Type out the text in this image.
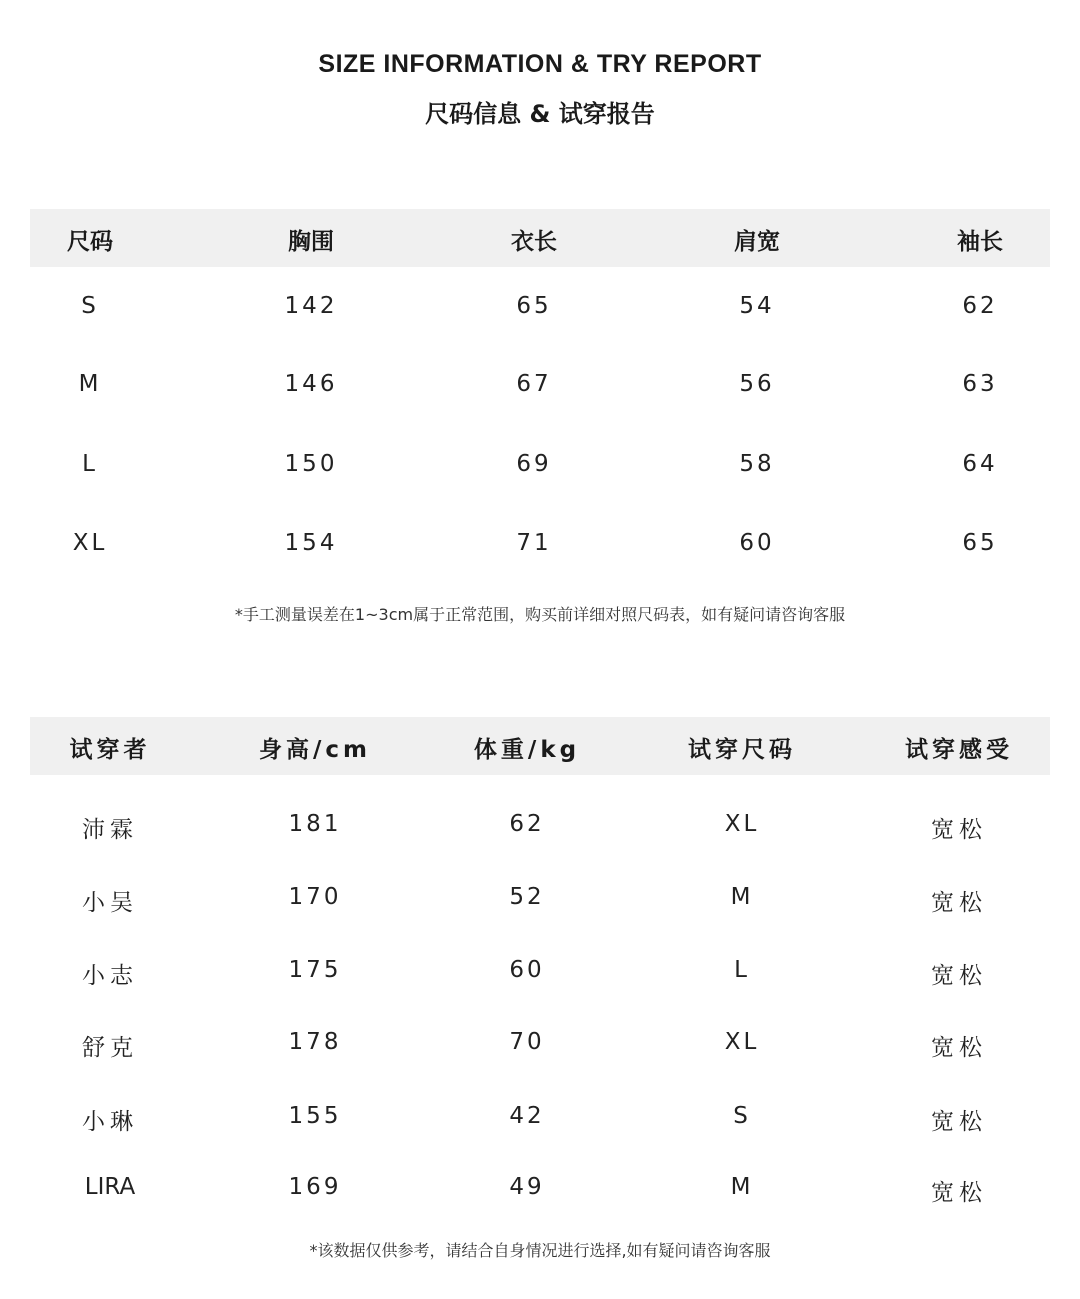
SIZE INFORMATION & TRY REPORT
尺码信息 & 试穿报告
尺码	胸围	衣长	肩宽	袖长
S	142	65	54	62
M	146	67	56	63
L	150	69	58	64
XL	154	71	60	65
*手工测量误差在1~3cm属于正常范围，购买前详细对照尺码表，如有疑问请咨询客服
试穿者	身高/cm	体重/kg	试穿尺码	试穿感受
沛霖	181	62	XL	宽松
小吴	170	52	M	宽松
小志	175	60	L	宽松
舒克	178	70	XL	宽松
小琳	155	42	S	宽松
LIRA	169	49	M	宽松
*该数据仅供参考，请结合自身情况进行选择,如有疑问请咨询客服
